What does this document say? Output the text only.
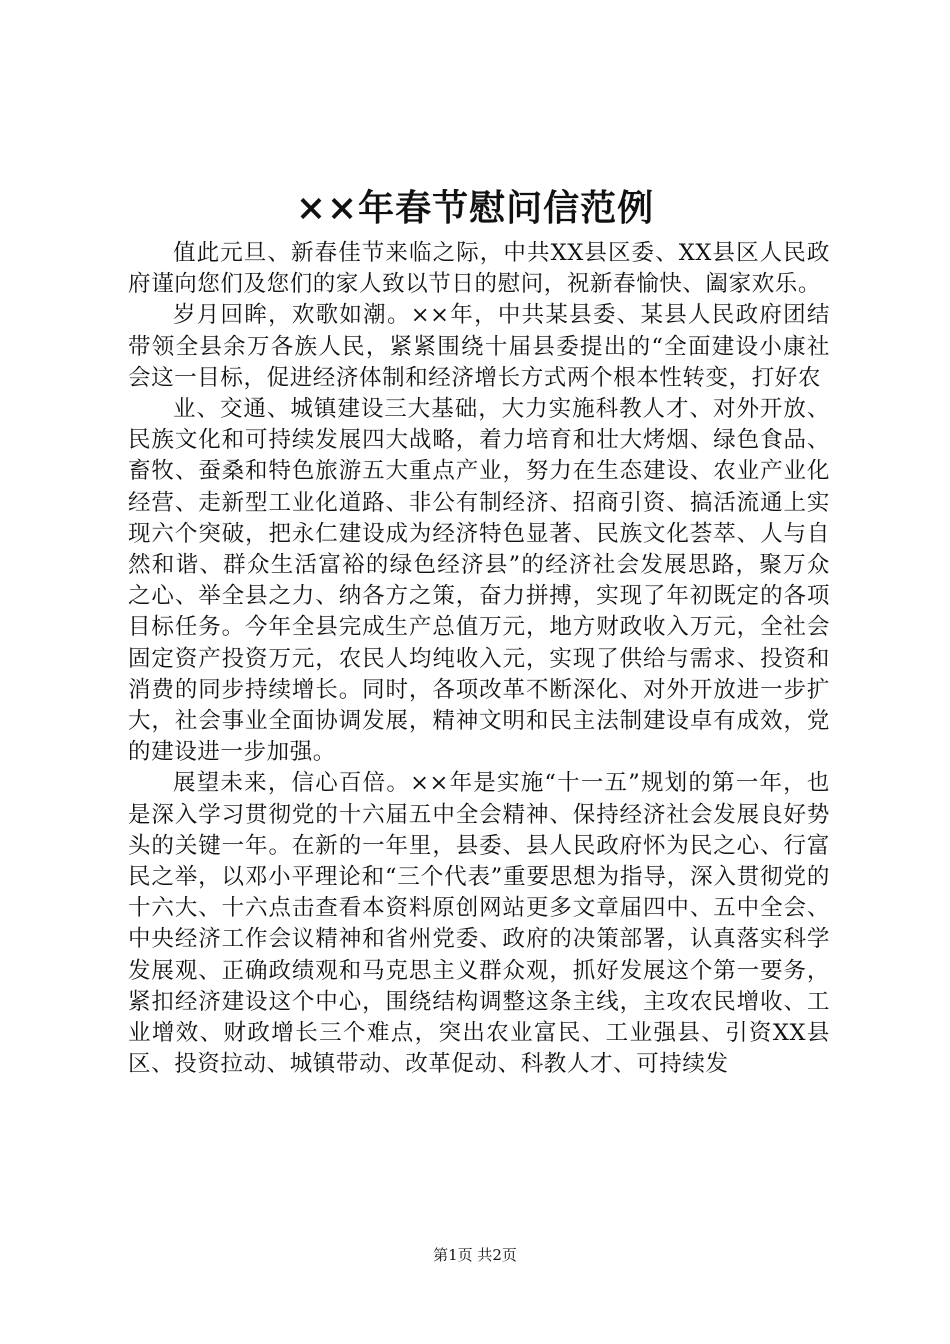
××年春节慰问信范例

值此元旦、新春佳节来临之际，中共XX县区委、XX县区人民政府谨向您们及您们的家人致以节日的慰问，祝新春愉快、阖家欢乐。

岁月回眸，欢歌如潮。××年，中共某县委、某县人民政府团结带领全县余万各族人民，紧紧围绕十届县委提出的“全面建设小康社会这一目标，促进经济体制和经济增长方式两个根本性转变，打好农

业、交通、城镇建设三大基础，大力实施科教人才、对外开放、民族文化和可持续发展四大战略，着力培育和壮大烤烟、绿色食品、畜牧、蚕桑和特色旅游五大重点产业，努力在生态建设、农业产业化经营、走新型工业化道路、非公有制经济、招商引资、搞活流通上实现六个突破，把永仁建设成为经济特色显著、民族文化荟萃、人与自然和谐、群众生活富裕的绿色经济县”的经济社会发展思路，聚万众之心、举全县之力、纳各方之策，奋力拼搏，实现了年初既定的各项目标任务。今年全县完成生产总值万元，地方财政收入万元，全社会固定资产投资万元，农民人均纯收入元，实现了供给与需求、投资和消费的同步持续增长。同时，各项改革不断深化、对外开放进一步扩大，社会事业全面协调发展，精神文明和民主法制建设卓有成效，党的建设进一步加强。

展望未来，信心百倍。××年是实施“十一五”规划的第一年，也是深入学习贯彻党的十六届五中全会精神、保持经济社会发展良好势头的关键一年。在新的一年里，县委、县人民政府怀为民之心、行富民之举，以邓小平理论和“三个代表”重要思想为指导，深入贯彻党的十六大、十六点击查看本资料原创网站更多文章届四中、五中全会、中央经济工作会议精神和省州党委、政府的决策部署，认真落实科学发展观、正确政绩观和马克思主义群众观，抓好发展这个第一要务，紧扣经济建设这个中心，围绕结构调整这条主线，主攻农民增收、工业增效、财政增长三个难点，突出农业富民、工业强县、引资XX县区、投资拉动、城镇带动、改革促动、科教人才、可持续发

第1页 共2页
